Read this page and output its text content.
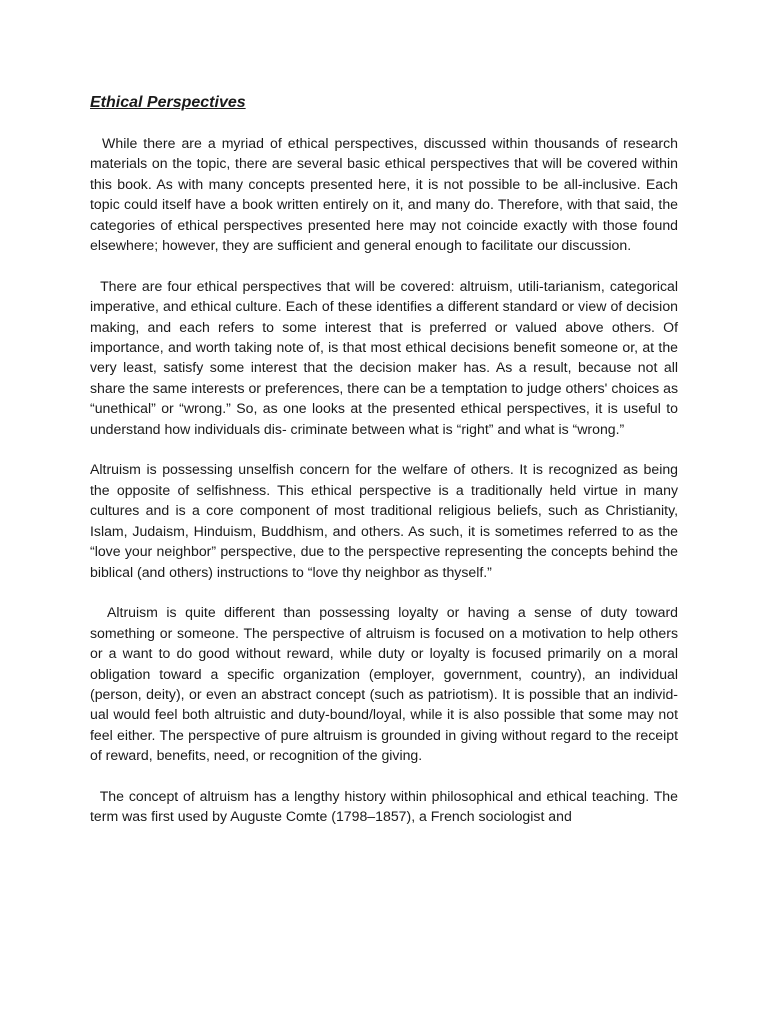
Ethical Perspectives

While there are a myriad of ethical perspectives, discussed within thousands of research materials on the topic, there are several basic ethical perspectives that will be covered within this book. As with many concepts presented here, it is not possible to be all-inclusive. Each topic could itself have a book written entirely on it, and many do. Therefore, with that said, the categories of ethical perspectives presented here may not coincide exactly with those found elsewhere; however, they are sufficient and general enough to facilitate our discussion.

There are four ethical perspectives that will be covered: altruism, utili-tarianism, categorical imperative, and ethical culture. Each of these identifies a different standard or view of decision making, and each refers to some interest that is preferred or valued above others. Of importance, and worth taking note of, is that most ethical decisions benefit someone or, at the very least, satisfy some interest that the decision maker has. As a result, because not all share the same interests or preferences, there can be a temptation to judge others' choices as “unethical” or “wrong.” So, as one looks at the presented ethical perspectives, it is useful to understand how individuals dis- criminate between what is “right” and what is “wrong.”

Altruism is possessing unselfish concern for the welfare of others. It is recognized as being the opposite of selfishness. This ethical perspective is a traditionally held virtue in many cultures and is a core component of most traditional religious beliefs, such as Christianity, Islam, Judaism, Hinduism, Buddhism, and others. As such, it is sometimes referred to as the “love your neighbor” perspective, due to the perspective representing the concepts behind the biblical (and others) instructions to “love thy neighbor as thyself.”

Altruism is quite different than possessing loyalty or having a sense of duty toward something or someone. The perspective of altruism is focused on a motivation to help others or a want to do good without reward, while duty or loyalty is focused primarily on a moral obligation toward a specific organization (employer, government, country), an individual (person, deity), or even an abstract concept (such as patriotism). It is possible that an individ- ual would feel both altruistic and duty-bound/loyal, while it is also possible that some may not feel either. The perspective of pure altruism is grounded in giving without regard to the receipt of reward, benefits, need, or recognition of the giving.

The concept of altruism has a lengthy history within philosophical and ethical teaching. The term was first used by Auguste Comte (1798–1857), a French sociologist and
